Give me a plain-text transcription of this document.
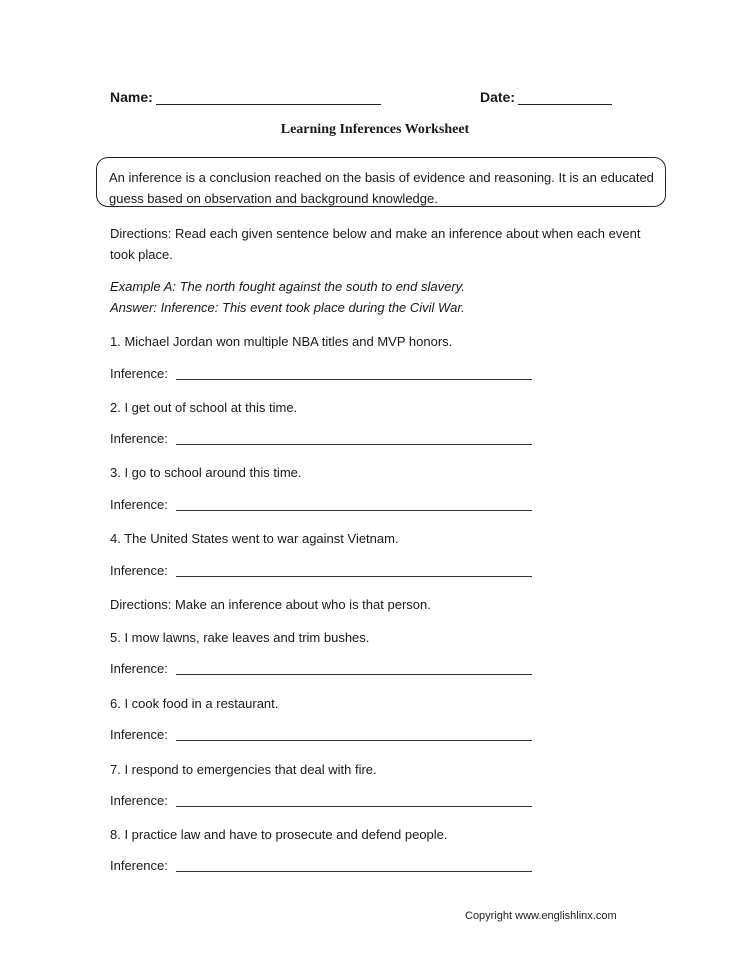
Name:	Date:
Learning Inferences Worksheet
An inference is a conclusion reached on the basis of evidence and reasoning. It is an educated guess based on observation and background knowledge.
Directions: Read each given sentence below and make an inference about when each event took place.
Example A: The north fought against the south to end slavery.
Answer: Inference: This event took place during the Civil War.
1. Michael Jordan won multiple NBA titles and MVP honors.
Inference:
2. I get out of school at this time.
Inference:
3. I go to school around this time.
Inference:
4. The United States went to war against Vietnam.
Inference:
Directions: Make an inference about who is that person.
5. I mow lawns, rake leaves and trim bushes.
Inference:
6. I cook food in a restaurant.
Inference:
7. I respond to emergencies that deal with fire.
Inference:
8. I practice law and have to prosecute and defend people.
Inference:
Copyright www.englishlinx.com
